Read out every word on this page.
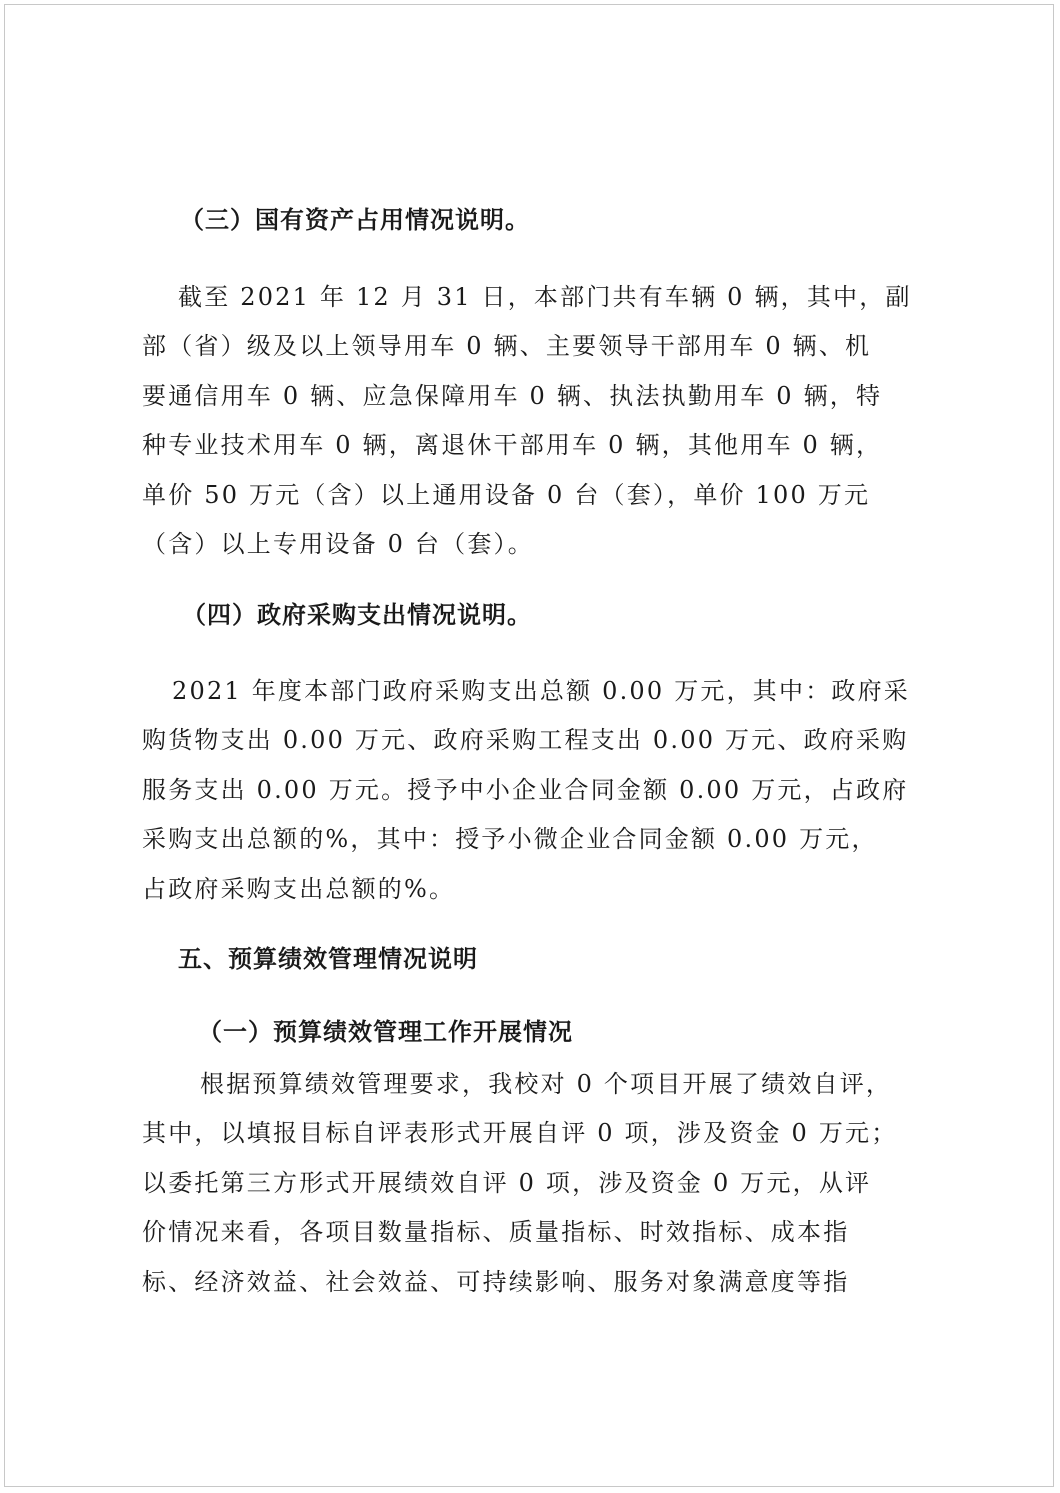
（三）国有资产占用情况说明。
截至 2021 年 12 月 31 日，本部门共有车辆 0 辆，其中，副
部（省）级及以上领导用车 0 辆、主要领导干部用车 0 辆、机
要通信用车 0 辆、应急保障用车 0 辆、执法执勤用车 0 辆，特
种专业技术用车 0 辆，离退休干部用车 0 辆，其他用车 0 辆，
单价 50 万元（含）以上通用设备 0 台（套），单价 100 万元
（含）以上专用设备 0 台（套）。
（四）政府采购支出情况说明。
2021 年度本部门政府采购支出总额 0.00 万元，其中：政府采
购货物支出 0.00 万元、政府采购工程支出 0.00 万元、政府采购
服务支出 0.00 万元。授予中小企业合同金额 0.00 万元，占政府
采购支出总额的%，其中：授予小微企业合同金额 0.00 万元，
占政府采购支出总额的%。
五、预算绩效管理情况说明
（一）预算绩效管理工作开展情况
根据预算绩效管理要求，我校对 0 个项目开展了绩效自评，
其中，以填报目标自评表形式开展自评 0 项，涉及资金 0 万元；
以委托第三方形式开展绩效自评 0 项，涉及资金 0 万元，从评
价情况来看，各项目数量指标、质量指标、时效指标、成本指
标、经济效益、社会效益、可持续影响、服务对象满意度等指
